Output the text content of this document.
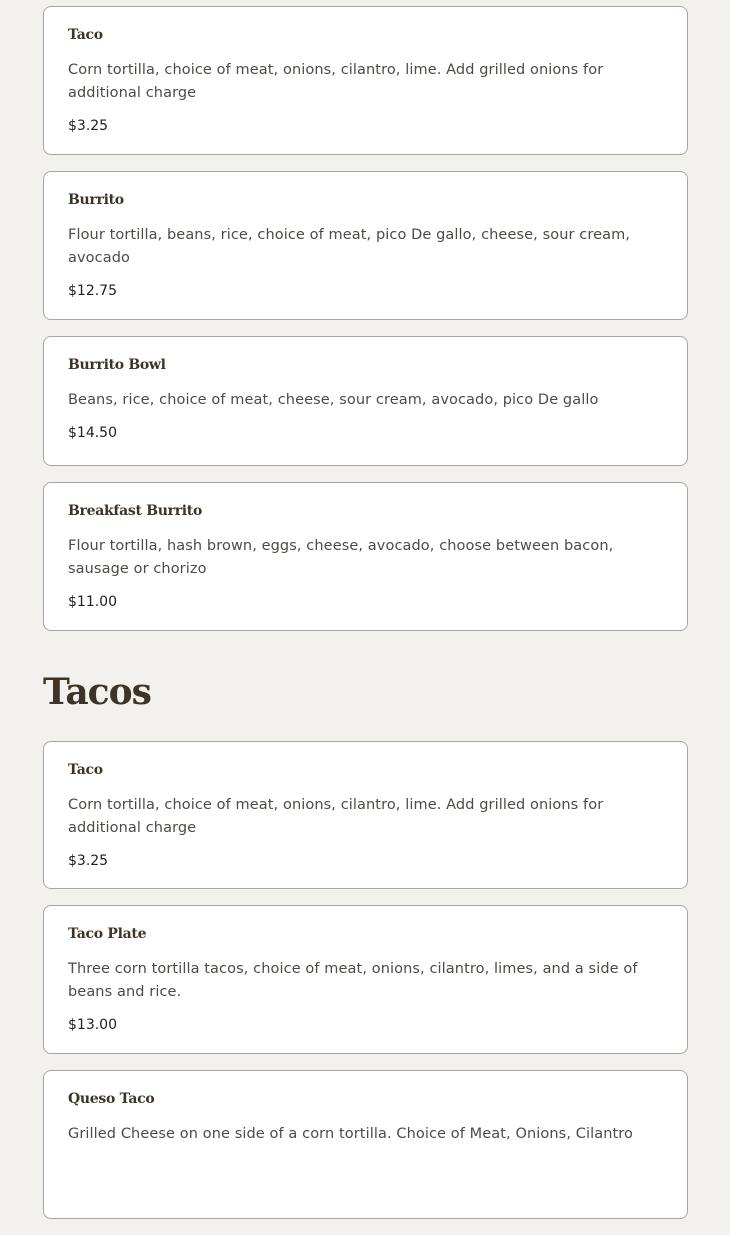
Taco

Corn tortilla, choice of meat, onions, cilantro, lime. Add grilled onions for additional charge

$3.25

Burrito

Flour tortilla, beans, rice, choice of meat, pico De gallo, cheese, sour cream, avocado

$12.75

Burrito Bowl

Beans, rice, choice of meat, cheese, sour cream, avocado, pico De gallo

$14.50

Breakfast Burrito

Flour tortilla, hash brown, eggs, cheese, avocado, choose between bacon, sausage or chorizo

$11.00

Tacos
Taco

Corn tortilla, choice of meat, onions, cilantro, lime. Add grilled onions for additional charge

$3.25

Taco Plate

Three corn tortilla tacos, choice of meat, onions, cilantro, limes, and a side of beans and rice.

$13.00

Queso Taco

Grilled Cheese on one side of a corn tortilla. Choice of Meat, Onions, Cilantro
